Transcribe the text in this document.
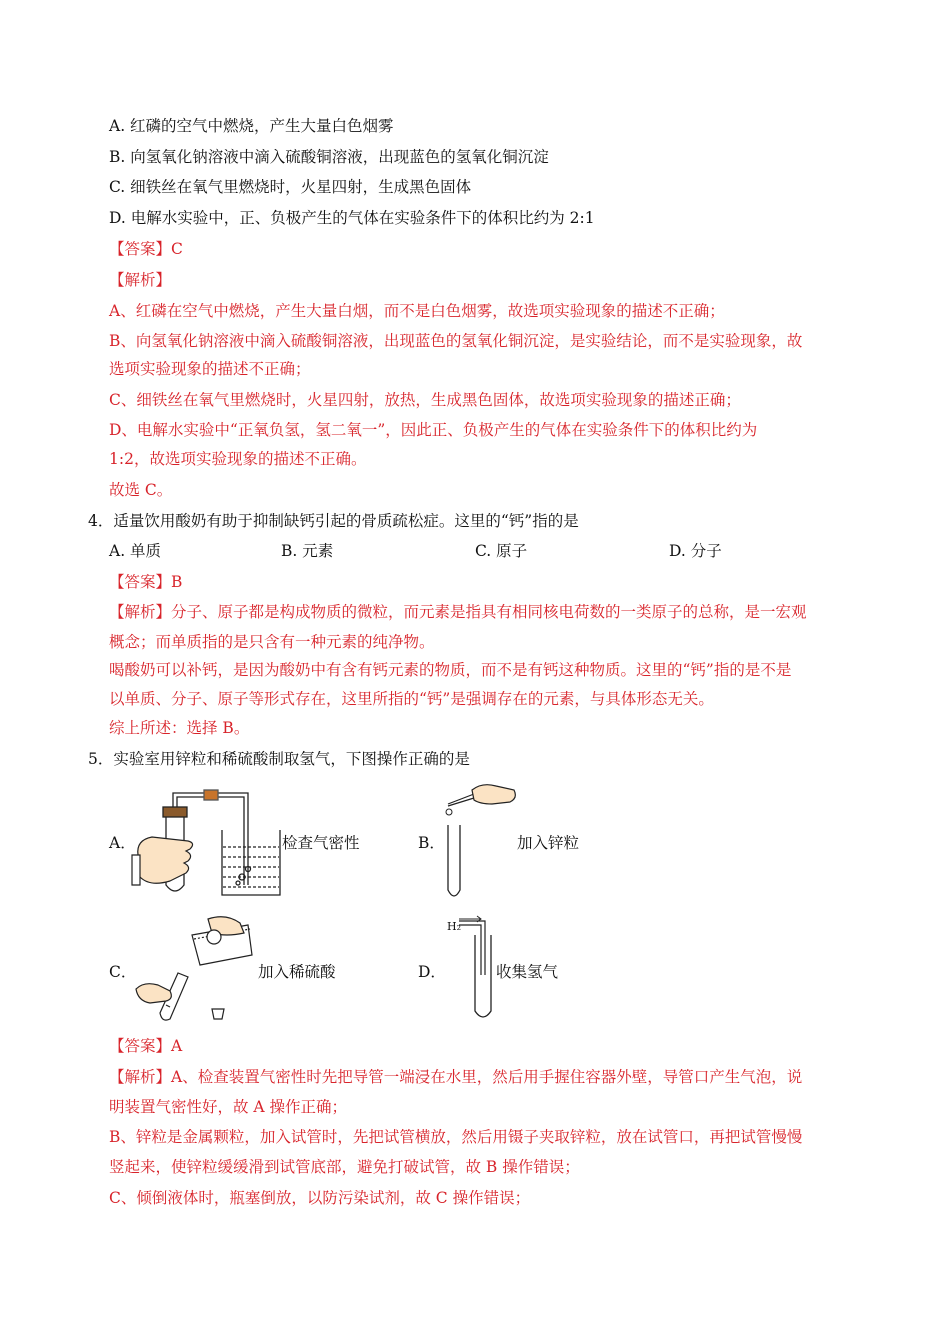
A. 红磷的空气中燃烧，产生大量白色烟雾
B. 向氢氧化钠溶液中滴入硫酸铜溶液，出现蓝色的氢氧化铜沉淀
C. 细铁丝在氧气里燃烧时，火星四射，生成黑色固体
D. 电解水实验中，正、负极产生的气体在实验条件下的体积比约为 2:1
【答案】C
【解析】
A、红磷在空气中燃烧，产生大量白烟，而不是白色烟雾，故选项实验现象的描述不正确；
B、向氢氧化钠溶液中滴入硫酸铜溶液，出现蓝色的氢氧化铜沉淀，是实验结论，而不是实验现象，故
选项实验现象的描述不正确；
C、细铁丝在氧气里燃烧时，火星四射，放热，生成黑色固体，故选项实验现象的描述正确；
D、电解水实验中“正氧负氢，氢二氧一”，因此正、负极产生的气体在实验条件下的体积比约为
1:2，故选项实验现象的描述不正确。
故选 C。
4．适量饮用酸奶有助于抑制缺钙引起的骨质疏松症。这里的“钙”指的是
A. 单质	B. 元素	C. 原子	D. 分子
【答案】B
【解析】分子、原子都是构成物质的微粒，而元素是指具有相同核电荷数的一类原子的总称，是一宏观
概念；而单质指的是只含有一种元素的纯净物。
喝酸奶可以补钙，是因为酸奶中有含有钙元素的物质，而不是有钙这种物质。这里的“钙”指的是不是
以单质、分子、原子等形式存在，这里所指的“钙”是强调存在的元素，与具体形态无关。
综上所述：选择 B。
5．实验室用锌粒和稀硫酸制取氢气，下图操作正确的是
A．	检查气密性	B．	加入锌粒
C．	加入稀硫酸	D．
H₂
收集氢气
【答案】A
【解析】A、检查装置气密性时先把导管一端浸在水里，然后用手握住容器外壁，导管口产生气泡，说
明装置气密性好，故 A 操作正确；
B、锌粒是金属颗粒，加入试管时，先把试管横放，然后用镊子夹取锌粒，放在试管口，再把试管慢慢
竖起来，使锌粒缓缓滑到试管底部，避免打破试管，故 B 操作错误；
C、倾倒液体时，瓶塞倒放，以防污染试剂，故 C 操作错误；
